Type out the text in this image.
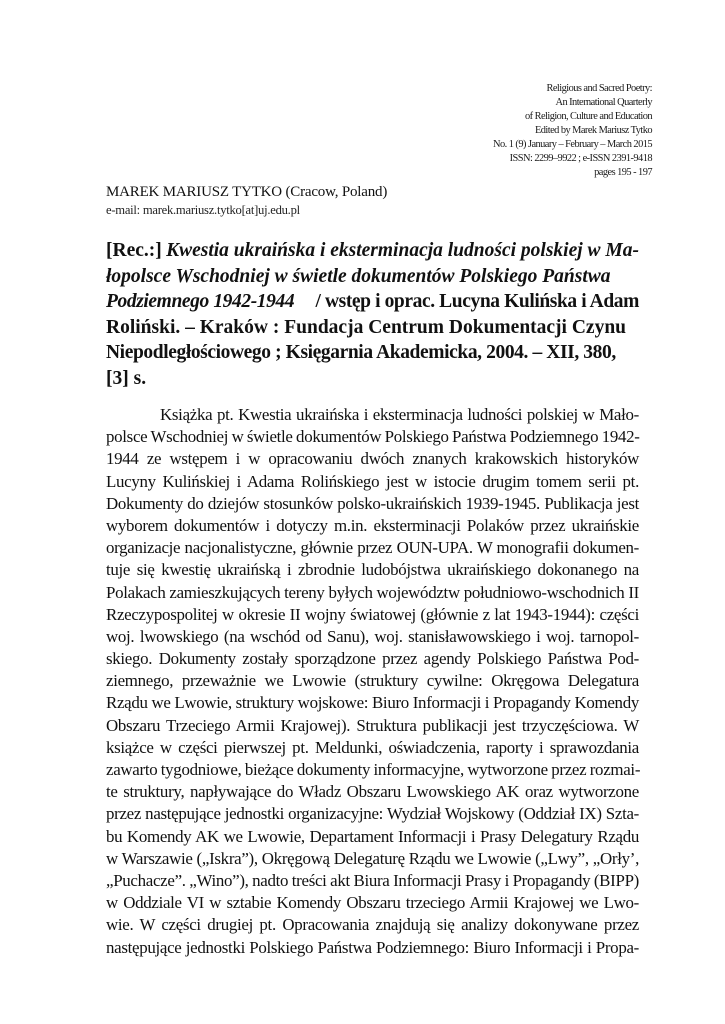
Religious and Sacred Poetry:
An International Quarterly
of Religion, Culture and Education
Edited by Marek Mariusz Tytko
No. 1 (9) January – February – March 2015
ISSN: 2299–9922 ; e-ISSN 2391-9418
pages 195 - 197
MAREK MARIUSZ TYTKO (Cracow, Poland)
e-mail: marek.mariusz.tytko[at]uj.edu.pl
[Rec.:] Kwestia ukraińska i eksterminacja ludności polskiej w Ma-
łopolsce Wschodniej w świetle dokumentów Polskiego Państwa
Podziemnego 1942-1944 / wstęp i oprac. Lucyna Kulińska i Adam
Roliński. – Kraków : Fundacja Centrum Dokumentacji Czynu
Niepodległościowego ; Księgarnia Akademicka, 2004. – XII, 380,
[3] s.
Książka pt. Kwestia ukraińska i eksterminacja ludności polskiej w Mało-
polsce Wschodniej w świetle dokumentów Polskiego Państwa Podziemnego 1942-
1944 ze wstępem i w opracowaniu dwóch znanych krakowskich historyków
Lucyny Kulińskiej i Adama Rolińskiego jest w istocie drugim tomem serii pt.
Dokumenty do dziejów stosunków polsko-ukraińskich 1939-1945. Publikacja jest
wyborem dokumentów i dotyczy m.in. eksterminacji Polaków przez ukraińskie
organizacje nacjonalistyczne, głównie przez OUN-UPA. W monografii dokumen-
tuje się kwestię ukraińską i zbrodnie ludobójstwa ukraińskiego dokonanego na
Polakach zamieszkujących tereny byłych województw południowo-wschodnich II
Rzeczypospolitej w okresie II wojny światowej (głównie z lat 1943-1944): części
woj. lwowskiego (na wschód od Sanu), woj. stanisławowskiego i woj. tarnopol-
skiego. Dokumenty zostały sporządzone przez agendy Polskiego Państwa Pod-
ziemnego, przeważnie we Lwowie (struktury cywilne: Okręgowa Delegatura
Rządu we Lwowie, struktury wojskowe: Biuro Informacji i Propagandy Komendy
Obszaru Trzeciego Armii Krajowej). Struktura publikacji jest trzyczęściowa. W
książce w części pierwszej pt. Meldunki, oświadczenia, raporty i sprawozdania
zawarto tygodniowe, bieżące dokumenty informacyjne, wytworzone przez rozmai-
te struktury, napływające do Władz Obszaru Lwowskiego AK oraz wytworzone
przez następujące jednostki organizacyjne: Wydział Wojskowy (Oddział IX) Szta-
bu Komendy AK we Lwowie, Departament Informacji i Prasy Delegatury Rządu
w Warszawie („Iskra”), Okręgową Delegaturę Rządu we Lwowie („Lwy”, „Orły’,
„Puchacze”. „Wino”), nadto treści akt Biura Informacji Prasy i Propagandy (BIPP)
w Oddziale VI w sztabie Komendy Obszaru trzeciego Armii Krajowej we Lwo-
wie. W części drugiej pt. Opracowania znajdują się analizy dokonywane przez
następujące jednostki Polskiego Państwa Podziemnego: Biuro Informacji i Propa-
